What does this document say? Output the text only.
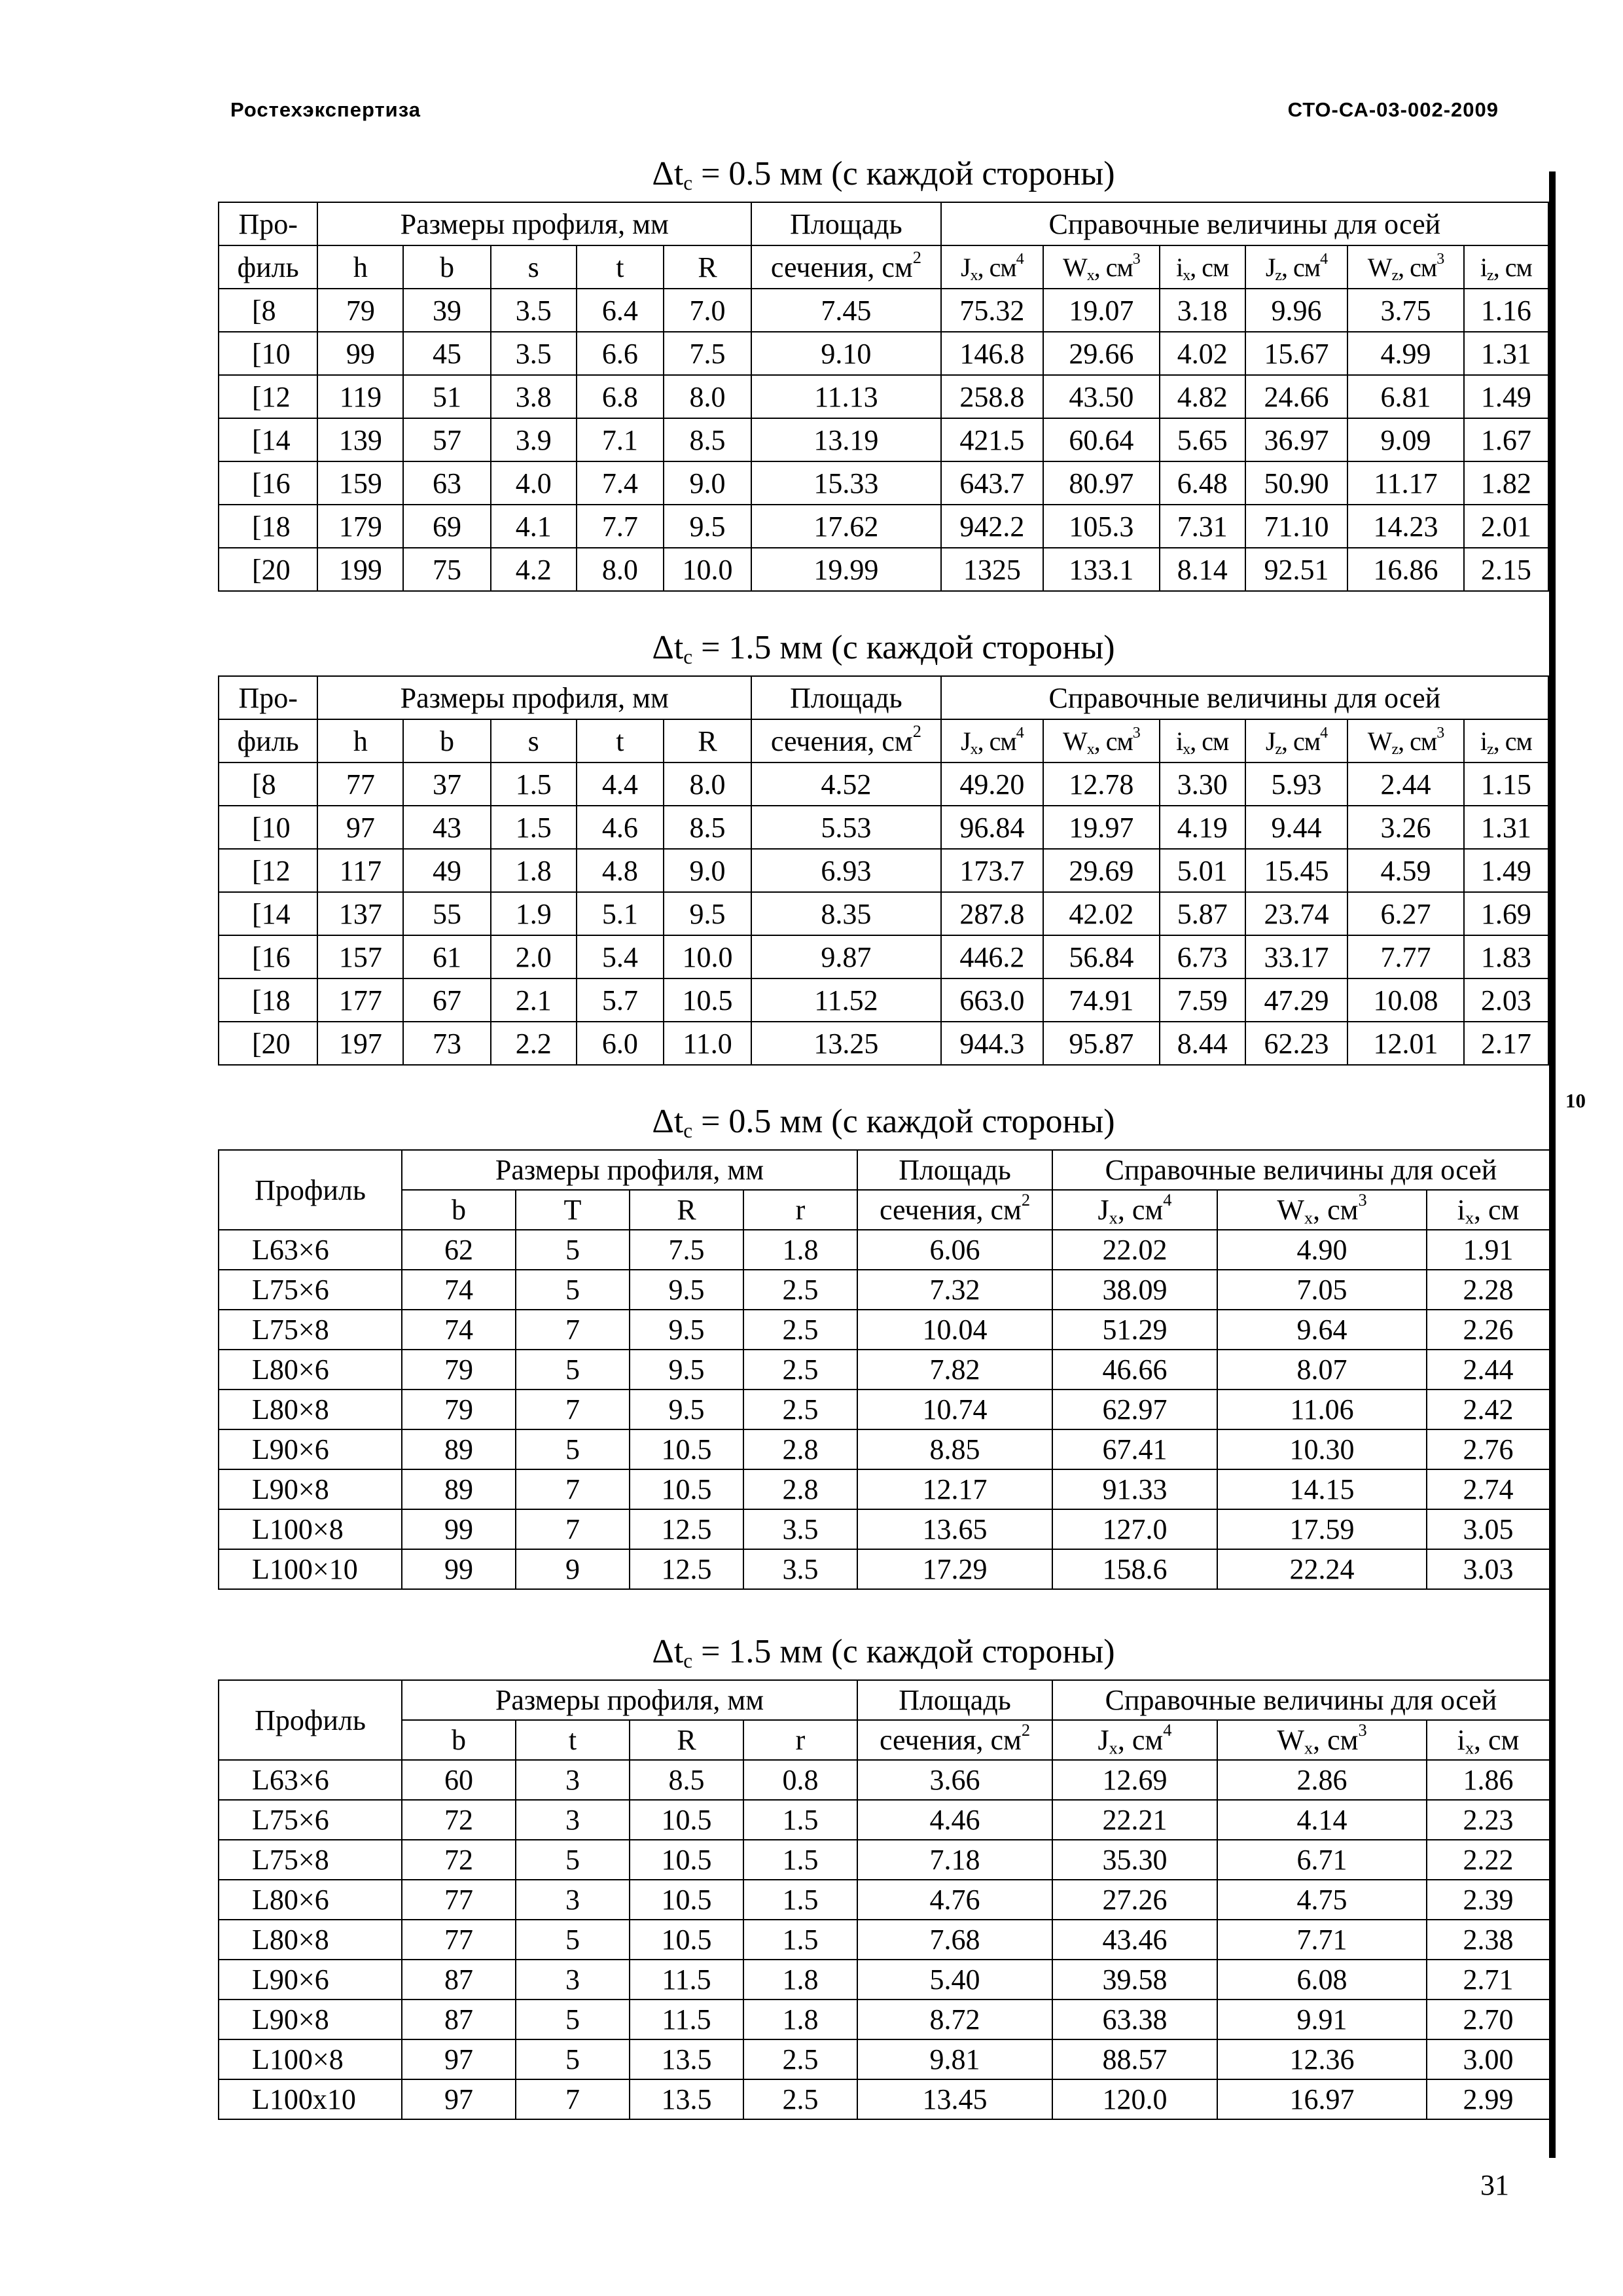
Ростехэкспертиза	СТО-СА-03-002-2009
10
31
$\Delta t_c = 0.5$ мм (с каждой стороны)
Про-	Размеры профиля, мм					Площадь	Справочные величины для осей					
филь	h	b	s	t	R	сечения, $см^2$	$J_x$, $см^4$	$W_x$, $см^3$	$i_x$, см	$J_z$, $см^4$	$W_z$, $см^3$	$i_z$, см
[8	79	39	3.5	6.4	7.0	7.45	75.32	19.07	3.18	9.96	3.75	1.16
[10	99	45	3.5	6.6	7.5	9.10	146.8	29.66	4.02	15.67	4.99	1.31
[12	119	51	3.8	6.8	8.0	11.13	258.8	43.50	4.82	24.66	6.81	1.49
[14	139	57	3.9	7.1	8.5	13.19	421.5	60.64	5.65	36.97	9.09	1.67
[16	159	63	4.0	7.4	9.0	15.33	643.7	80.97	6.48	50.90	11.17	1.82
[18	179	69	4.1	7.7	9.5	17.62	942.2	105.3	7.31	71.10	14.23	2.01
[20	199	75	4.2	8.0	10.0	19.99	1325	133.1	8.14	92.51	16.86	2.15
$\Delta t_c = 1.5$ мм (с каждой стороны)
Про-	Размеры профиля, мм					Площадь	Справочные величины для осей					
филь	h	b	s	t	R	сечения, $см^2$	$J_x$, $см^4$	$W_x$, $см^3$	$i_x$, см	$J_z$, $см^4$	$W_z$, $см^3$	$i_z$, см
[8	77	37	1.5	4.4	8.0	4.52	49.20	12.78	3.30	5.93	2.44	1.15
[10	97	43	1.5	4.6	8.5	5.53	96.84	19.97	4.19	9.44	3.26	1.31
[12	117	49	1.8	4.8	9.0	6.93	173.7	29.69	5.01	15.45	4.59	1.49
[14	137	55	1.9	5.1	9.5	8.35	287.8	42.02	5.87	23.74	6.27	1.69
[16	157	61	2.0	5.4	10.0	9.87	446.2	56.84	6.73	33.17	7.77	1.83
[18	177	67	2.1	5.7	10.5	11.52	663.0	74.91	7.59	47.29	10.08	2.03
[20	197	73	2.2	6.0	11.0	13.25	944.3	95.87	8.44	62.23	12.01	2.17
$\Delta t_c = 0.5$ мм (с каждой стороны)
Профиль	Размеры профиля, мм				Площадь	Справочные величины для осей		
	b	T	R	r	сечения, $см^2$	$J_x$, $см^4$	$W_x$, $см^3$	$i_x$, см
L63×6	62	5	7.5	1.8	6.06	22.02	4.90	1.91
L75×6	74	5	9.5	2.5	7.32	38.09	7.05	2.28
L75×8	74	7	9.5	2.5	10.04	51.29	9.64	2.26
L80×6	79	5	9.5	2.5	7.82	46.66	8.07	2.44
L80×8	79	7	9.5	2.5	10.74	62.97	11.06	2.42
L90×6	89	5	10.5	2.8	8.85	67.41	10.30	2.76
L90×8	89	7	10.5	2.8	12.17	91.33	14.15	2.74
L100×8	99	7	12.5	3.5	13.65	127.0	17.59	3.05
L100×10	99	9	12.5	3.5	17.29	158.6	22.24	3.03
$\Delta t_c = 1.5$ мм (с каждой стороны)
Профиль	Размеры профиля, мм				Площадь	Справочные величины для осей		
	b	t	R	r	сечения, $см^2$	$J_x$, $см^4$	$W_x$, $см^3$	$i_x$, см
L63×6	60	3	8.5	0.8	3.66	12.69	2.86	1.86
L75×6	72	3	10.5	1.5	4.46	22.21	4.14	2.23
L75×8	72	5	10.5	1.5	7.18	35.30	6.71	2.22
L80×6	77	3	10.5	1.5	4.76	27.26	4.75	2.39
L80×8	77	5	10.5	1.5	7.68	43.46	7.71	2.38
L90×6	87	3	11.5	1.8	5.40	39.58	6.08	2.71
L90×8	87	5	11.5	1.8	8.72	63.38	9.91	2.70
L100×8	97	5	13.5	2.5	9.81	88.57	12.36	3.00
L100x10	97	7	13.5	2.5	13.45	120.0	16.97	2.99
